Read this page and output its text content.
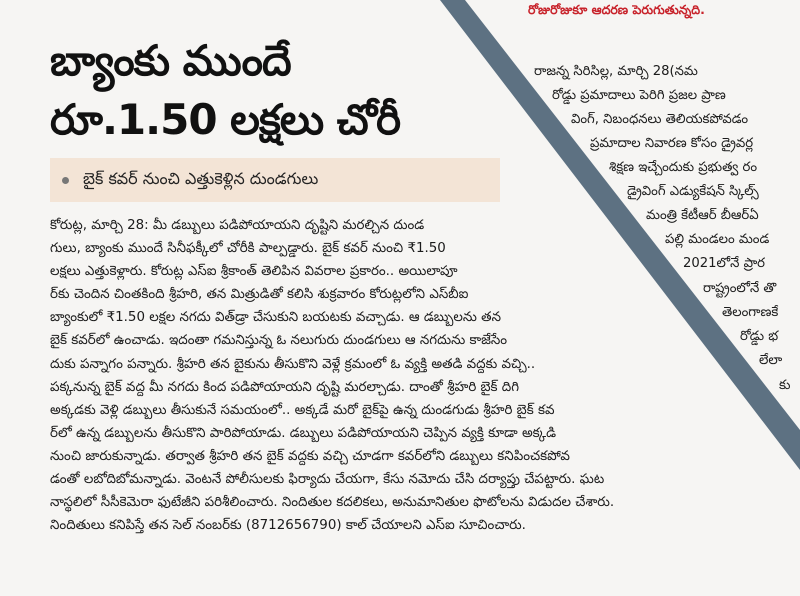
రోజురోజుకూ ఆదరణ పెరుగుతున్నది.
బ్యాంకు ముందే
రూ.1.50 లక్షలు చోరీ
బైక్ కవర్ నుంచి ఎత్తుకెళ్లిన దుండగులు
కోరుట్ల, మార్చి 28: మీ డబ్బులు పడిపోయాయని దృష్టిని మరల్చిన దుండ
గులు, బ్యాంకు ముందే సినీఫక్కీలో చోరీకి పాల్పడ్డారు. బైక్ కవర్ నుంచి ₹1.50
లక్షలు ఎత్తుకెళ్లారు. కోరుట్ల ఎస్ఐ శ్రీకాంత్ తెలిపిన వివరాల ప్రకారం.. అయిలాపూ
ర్‌కు చెందిన చింతకింది శ్రీహరి, తన మిత్రుడితో కలిసి శుక్రవారం కోరుట్లలోని ఎస్‌బీఐ
బ్యాంకులో ₹1.50 లక్షల నగదు విత్‌డ్రా చేసుకుని బయటకు వచ్చాడు. ఆ డబ్బులను తన
బైక్ కవర్‌లో ఉంచాడు. ఇదంతా గమనిస్తున్న ఓ నలుగురు దుండగులు ఆ నగదును కాజేసేం
దుకు పన్నాగం పన్నారు. శ్రీహరి తన బైకును తీసుకొని వెళ్లే క్రమంలో ఓ వ్యక్తి అతడి వద్దకు వచ్చి..
పక్కనున్న బైక్ వద్ద మీ నగదు కింద పడిపోయాయని దృష్టి మరల్చాడు. దాంతో శ్రీహరి బైక్ దిగి
అక్కడకు వెళ్లి డబ్బులు తీసుకునే సమయంలో.. అక్కడే మరో బైక్‌పై ఉన్న దుండగుడు శ్రీహరి బైక్ కవ
ర్‌లో ఉన్న డబ్బులను తీసుకొని పారిపోయాడు. డబ్బులు పడిపోయాయని చెప్పిన వ్యక్తి కూడా అక్కడి
నుంచి జారుకున్నాడు. తర్వాత శ్రీహరి తన బైక్ వద్దకు వచ్చి చూడగా కవర్‌లోని డబ్బులు కనిపించకపోవ
డంతో లబోదిబోమన్నాడు. వెంటనే పోలీసులకు ఫిర్యాదు చేయగా, కేసు నమోదు చేసి దర్యాప్తు చేపట్టారు. ఘట
నాస్థలిలో సీసీకెమెరా ఫుటేజీని పరిశీలించారు. నిందితుల కదలికలు, అనుమానితుల ఫొటోలను విడుదల చేశారు.
నిందితులు కనిపిస్తే తన సెల్ నంబర్‌కు (8712656790) కాల్ చేయాలని ఎస్ఐ సూచించారు.
రాజన్న సిరిసిల్ల, మార్చి 28(నమ
రోడ్డు ప్రమాదాలు పెరిగి ప్రజల ప్రాణ
వింగ్, నిబంధనలు తెలియకపోవడం
ప్రమాదాల నివారణ కోసం డ్రైవర్ల
శిక్షణ ఇచ్చేందుకు ప్రభుత్వ రం
డ్రైవింగ్ ఎడ్యుకేషన్ స్కిల్స్
మంత్రి కేటీఆర్ బీఆర్ఏ
పల్లి మండలం మండ
2021లోనే ప్రార
రాష్ట్రంలోనే తొ
తెలంగాణకే
రోడ్డు భ
లేలా
కు
